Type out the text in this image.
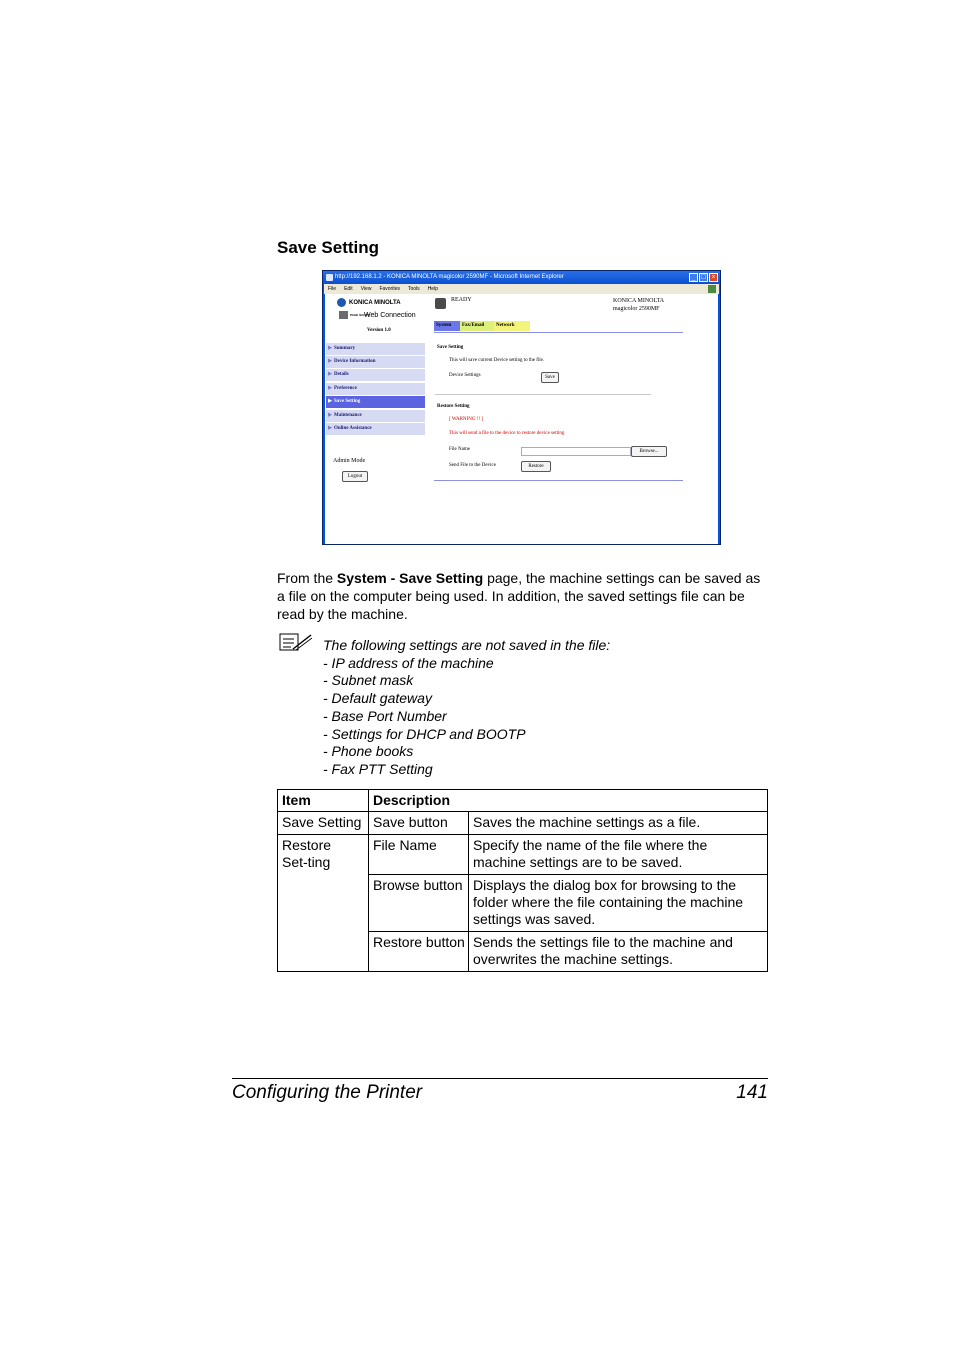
Save Setting
http://192.168.1.2 - KONICA MINOLTA magicolor 2590MF - Microsoft Internet Explorer	_ □ ×
File Edit View Favorites Tools Help
KONICA MINOLTA
PAGE SCOPEWeb Connection
Version 1.0
READY	KONICA MINOLTA
magicolor 2590MF
System	Fax/Email	Network
▶ Summary
▶ Device Information
▶ Details
▶ Preference
▶ Save Setting
▶ Maintenance
▶ Online Assistance
Admin Mode
Logout
Save Setting
This will save current Device setting to the file.
Device Settings	Save
Restore Setting
[ WARNING !! ]
This will send a file to the device to restore device setting
File Name	Browse...
Send File to the Device	Restore
From the System - Save Setting page, the machine settings can be saved as a file on the computer being used. In addition, the saved settings file can be read by the machine.
The following settings are not saved in the file:
- IP address of the machine
- Subnet mask
- Default gateway
- Base Port Number
- Settings for DHCP and BOOTP
- Phone books
- Fax PTT Setting
Item	Description	
Save Setting	Save button	Saves the machine settings as a file.
Restore Set-ting	File Name	Specify the name of the file where the machine settings are to be saved.
	Browse button	Displays the dialog box for browsing to the folder where the file containing the machine settings was saved.
	Restore button	Sends the settings file to the machine and overwrites the machine settings.
Configuring the Printer	141
